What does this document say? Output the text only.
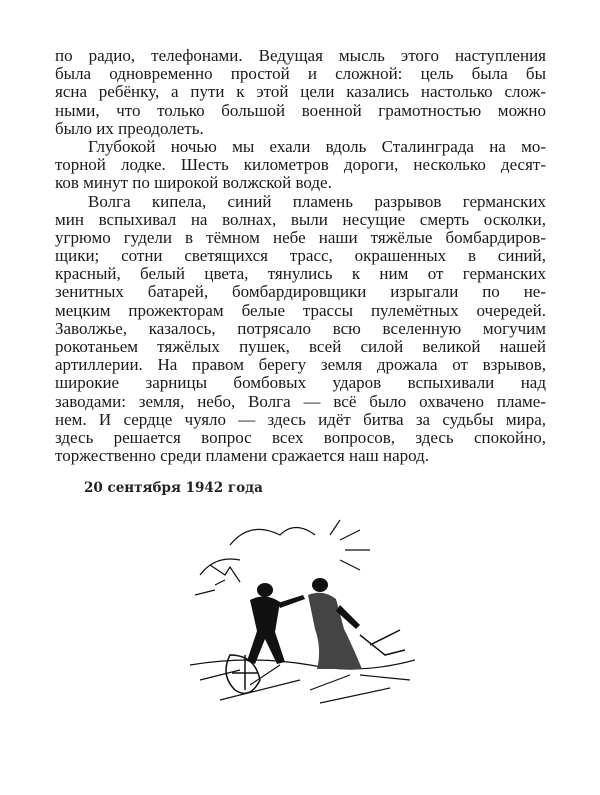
по радио, телефонами. Ведущая мысль этого наступления
была одновременно простой и сложной: цель была бы
ясна ребёнку, а пути к этой цели казались настолько слож-
ными, что только большой военной грамотностью можно
было их преодолеть.
Глубокой ночью мы ехали вдоль Сталинграда на мо-
торной лодке. Шесть километров дороги, несколько десят-
ков минут по широкой волжской воде.
Волга кипела, синий пламень разрывов германских
мин вспыхивал на волнах, выли несущие смерть осколки,
угрюмо гудели в тёмном небе наши тяжёлые бомбардиров-
щики; сотни светящихся трасс, окрашенных в синий,
красный, белый цвета, тянулись к ним от германских
зенитных батарей, бомбардировщики изрыгали по не-
мецким прожекторам белые трассы пулемётных очередей.
Заволжье, казалось, потрясало всю вселенную могучим
рокотаньем тяжёлых пушек, всей силой великой нашей
артиллерии. На правом берегу земля дрожала от взрывов,
широкие зарницы бомбовых ударов вспыхивали над
заводами: земля, небо, Волга — всё было охвачено пламе-
нем. И сердце чуяло — здесь идёт битва за судьбы мира,
здесь решается вопрос всех вопросов, здесь спокойно,
торжественно среди пламени сражается наш народ.
20 сентября 1942 года
